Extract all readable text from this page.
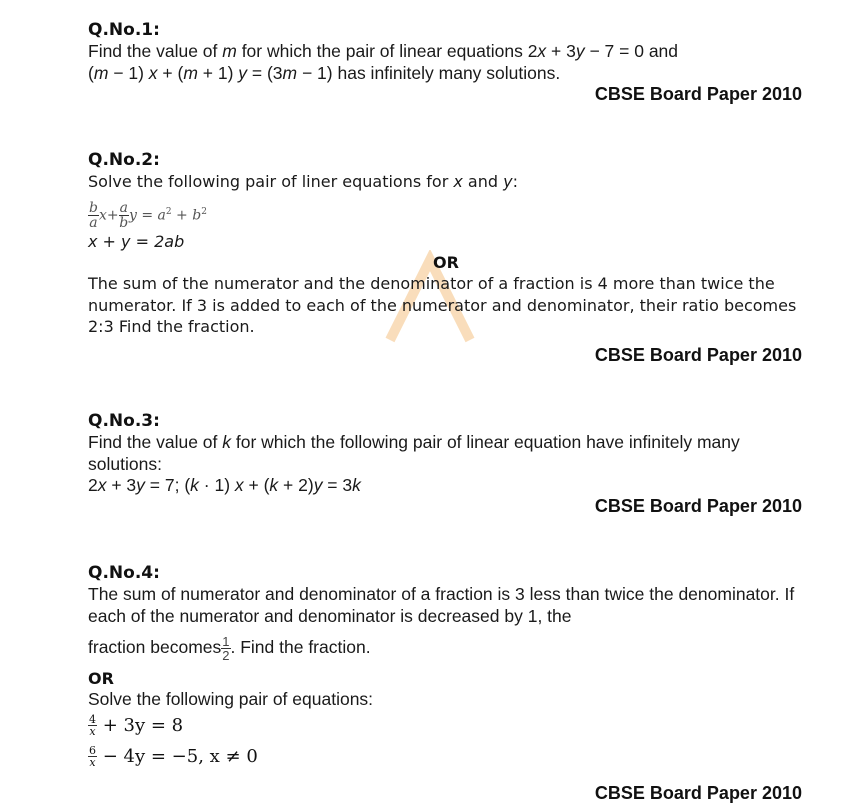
Q.No.1:
Find the value of m for which the pair of linear equations 2x + 3y − 7 = 0 and
(m − 1) x + (m + 1) y = (3m − 1) has infinitely many solutions.
CBSE Board Paper 2010
Q.No.2:
Solve the following pair of liner equations for x and y:
$\frac{b}{a} x+ \frac{a}{b}$ $y = a^2 + b^2$
x + y = 2ab
OR
The sum of the numerator and the denominator of a fraction is 4 more than twice the numerator. If 3 is added to each of the numerator and denominator, their ratio becomes 2:3 Find the fraction.
CBSE Board Paper 2010
Q.No.3:
Find the value of k for which the following pair of linear equation have infinitely many solutions:
2x + 3y = 7; (k · 1) x + (k + 2)y = 3k
CBSE Board Paper 2010
Q.No.4:
The sum of numerator and denominator of a fraction is 3 less than twice the denominator. If each of the numerator and denominator is decreased by 1, the
fraction becomes $\frac{1}{2}$ . Find the fraction.
OR
Solve the following pair of equations:
$\frac{4}{x} + 3y = 8$
$\frac{6}{x} - 4y = -5$, x ≠ 0
CBSE Board Paper 2010
